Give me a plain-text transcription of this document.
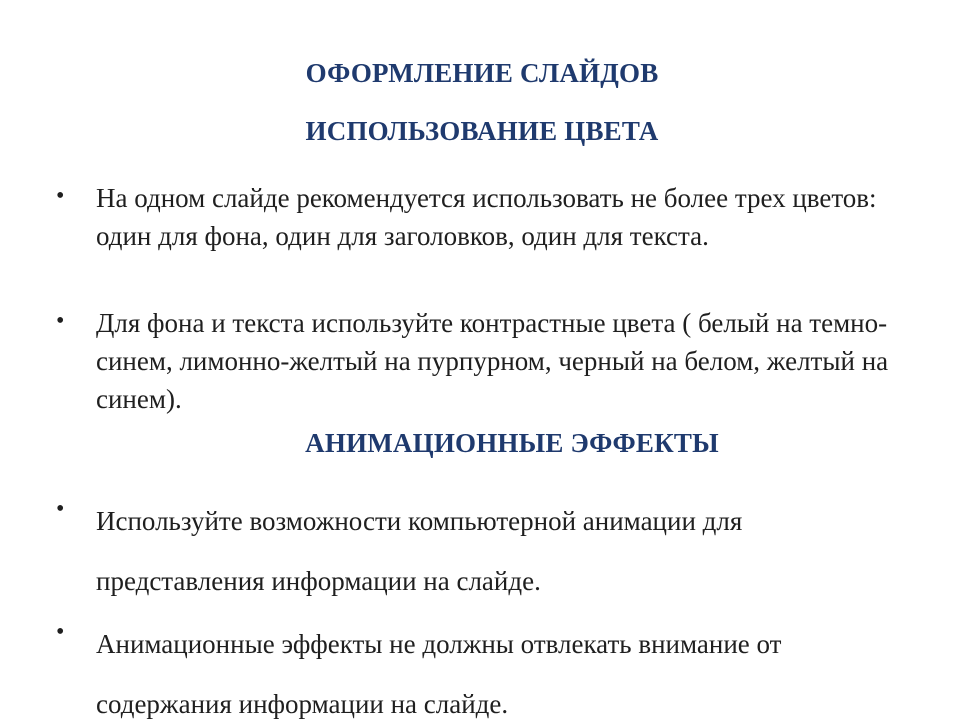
ОФОРМЛЕНИЕ СЛАЙДОВ
ИСПОЛЬЗОВАНИЕ ЦВЕТА
• На одном слайде рекомендуется использовать не более трех цветов: один для фона, один для заголовков, один для текста.
• Для фона и текста используйте контрастные цвета ( белый на темно-синем, лимонно-желтый на пурпурном, черный на белом, желтый на синем).
АНИМАЦИОННЫЕ ЭФФЕКТЫ
• Используйте возможности компьютерной анимации для представления информации на слайде.
• Анимационные эффекты не должны отвлекать внимание от содержания информации на слайде.
